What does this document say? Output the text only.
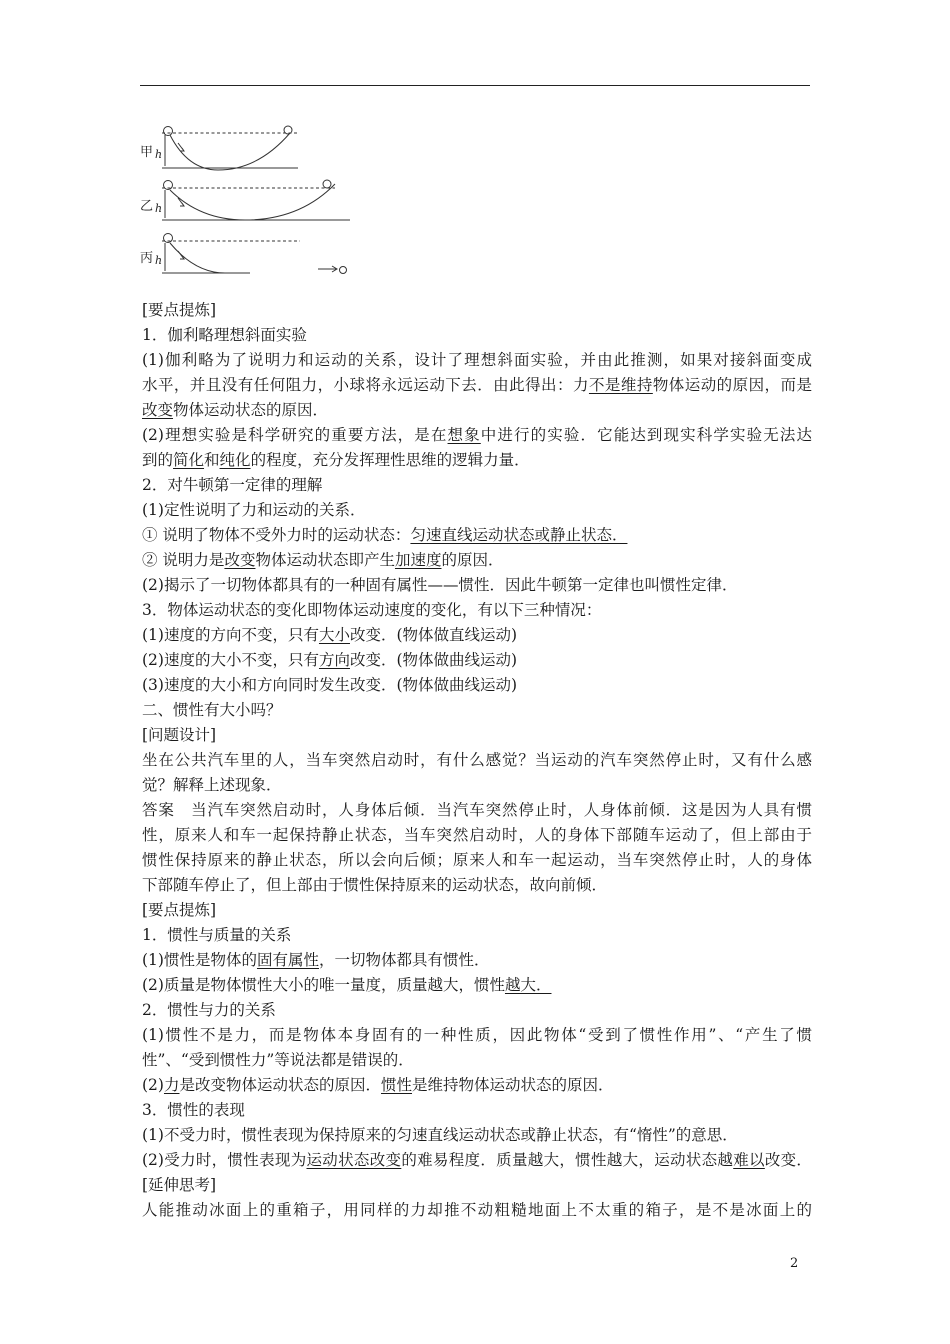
甲
乙
丙
h
h
h
[要点提炼]
1．伽利略理想斜面实验
(1)伽利略为了说明力和运动的关系，设计了理想斜面实验，并由此推测，如果对接斜面变成
水平，并且没有任何阻力，小球将永远运动下去．由此得出：力不是维持物体运动的原因，而是
改变物体运动状态的原因．
(2)理想实验是科学研究的重要方法，是在想象中进行的实验．它能达到现实科学实验无法达
到的简化和纯化的程度，充分发挥理性思维的逻辑力量．
2．对牛顿第一定律的理解
(1)定性说明了力和运动的关系．
① 说明了物体不受外力时的运动状态：匀速直线运动状态或静止状态．
② 说明力是改变物体运动状态即产生加速度的原因．
(2)揭示了一切物体都具有的一种固有属性——惯性．因此牛顿第一定律也叫惯性定律．
3．物体运动状态的变化即物体运动速度的变化，有以下三种情况：
(1)速度的方向不变，只有大小改变．(物体做直线运动)
(2)速度的大小不变，只有方向改变．(物体做曲线运动)
(3)速度的大小和方向同时发生改变．(物体做曲线运动)
二、惯性有大小吗？
[问题设计]
坐在公共汽车里的人，当车突然启动时，有什么感觉？当运动的汽车突然停止时，又有什么感
觉？解释上述现象．
答案　当汽车突然启动时，人身体后倾．当汽车突然停止时，人身体前倾．这是因为人具有惯
性，原来人和车一起保持静止状态，当车突然启动时，人的身体下部随车运动了，但上部由于
惯性保持原来的静止状态，所以会向后倾；原来人和车一起运动，当车突然停止时，人的身体
下部随车停止了，但上部由于惯性保持原来的运动状态，故向前倾．
[要点提炼]
1．惯性与质量的关系
(1)惯性是物体的固有属性，一切物体都具有惯性．
(2)质量是物体惯性大小的唯一量度，质量越大，惯性越大．
2．惯性与力的关系
(1)惯性不是力，而是物体本身固有的一种性质，因此物体“受到了惯性作用”、“产生了惯
性”、“受到惯性力”等说法都是错误的．
(2)力是改变物体运动状态的原因．惯性是维持物体运动状态的原因．
3．惯性的表现
(1)不受力时，惯性表现为保持原来的匀速直线运动状态或静止状态，有“惰性”的意思．
(2)受力时，惯性表现为运动状态改变的难易程度．质量越大，惯性越大，运动状态越难以改变．
[延伸思考]
人能推动冰面上的重箱子，用同样的力却推不动粗糙地面上不太重的箱子，是不是冰面上的
2
